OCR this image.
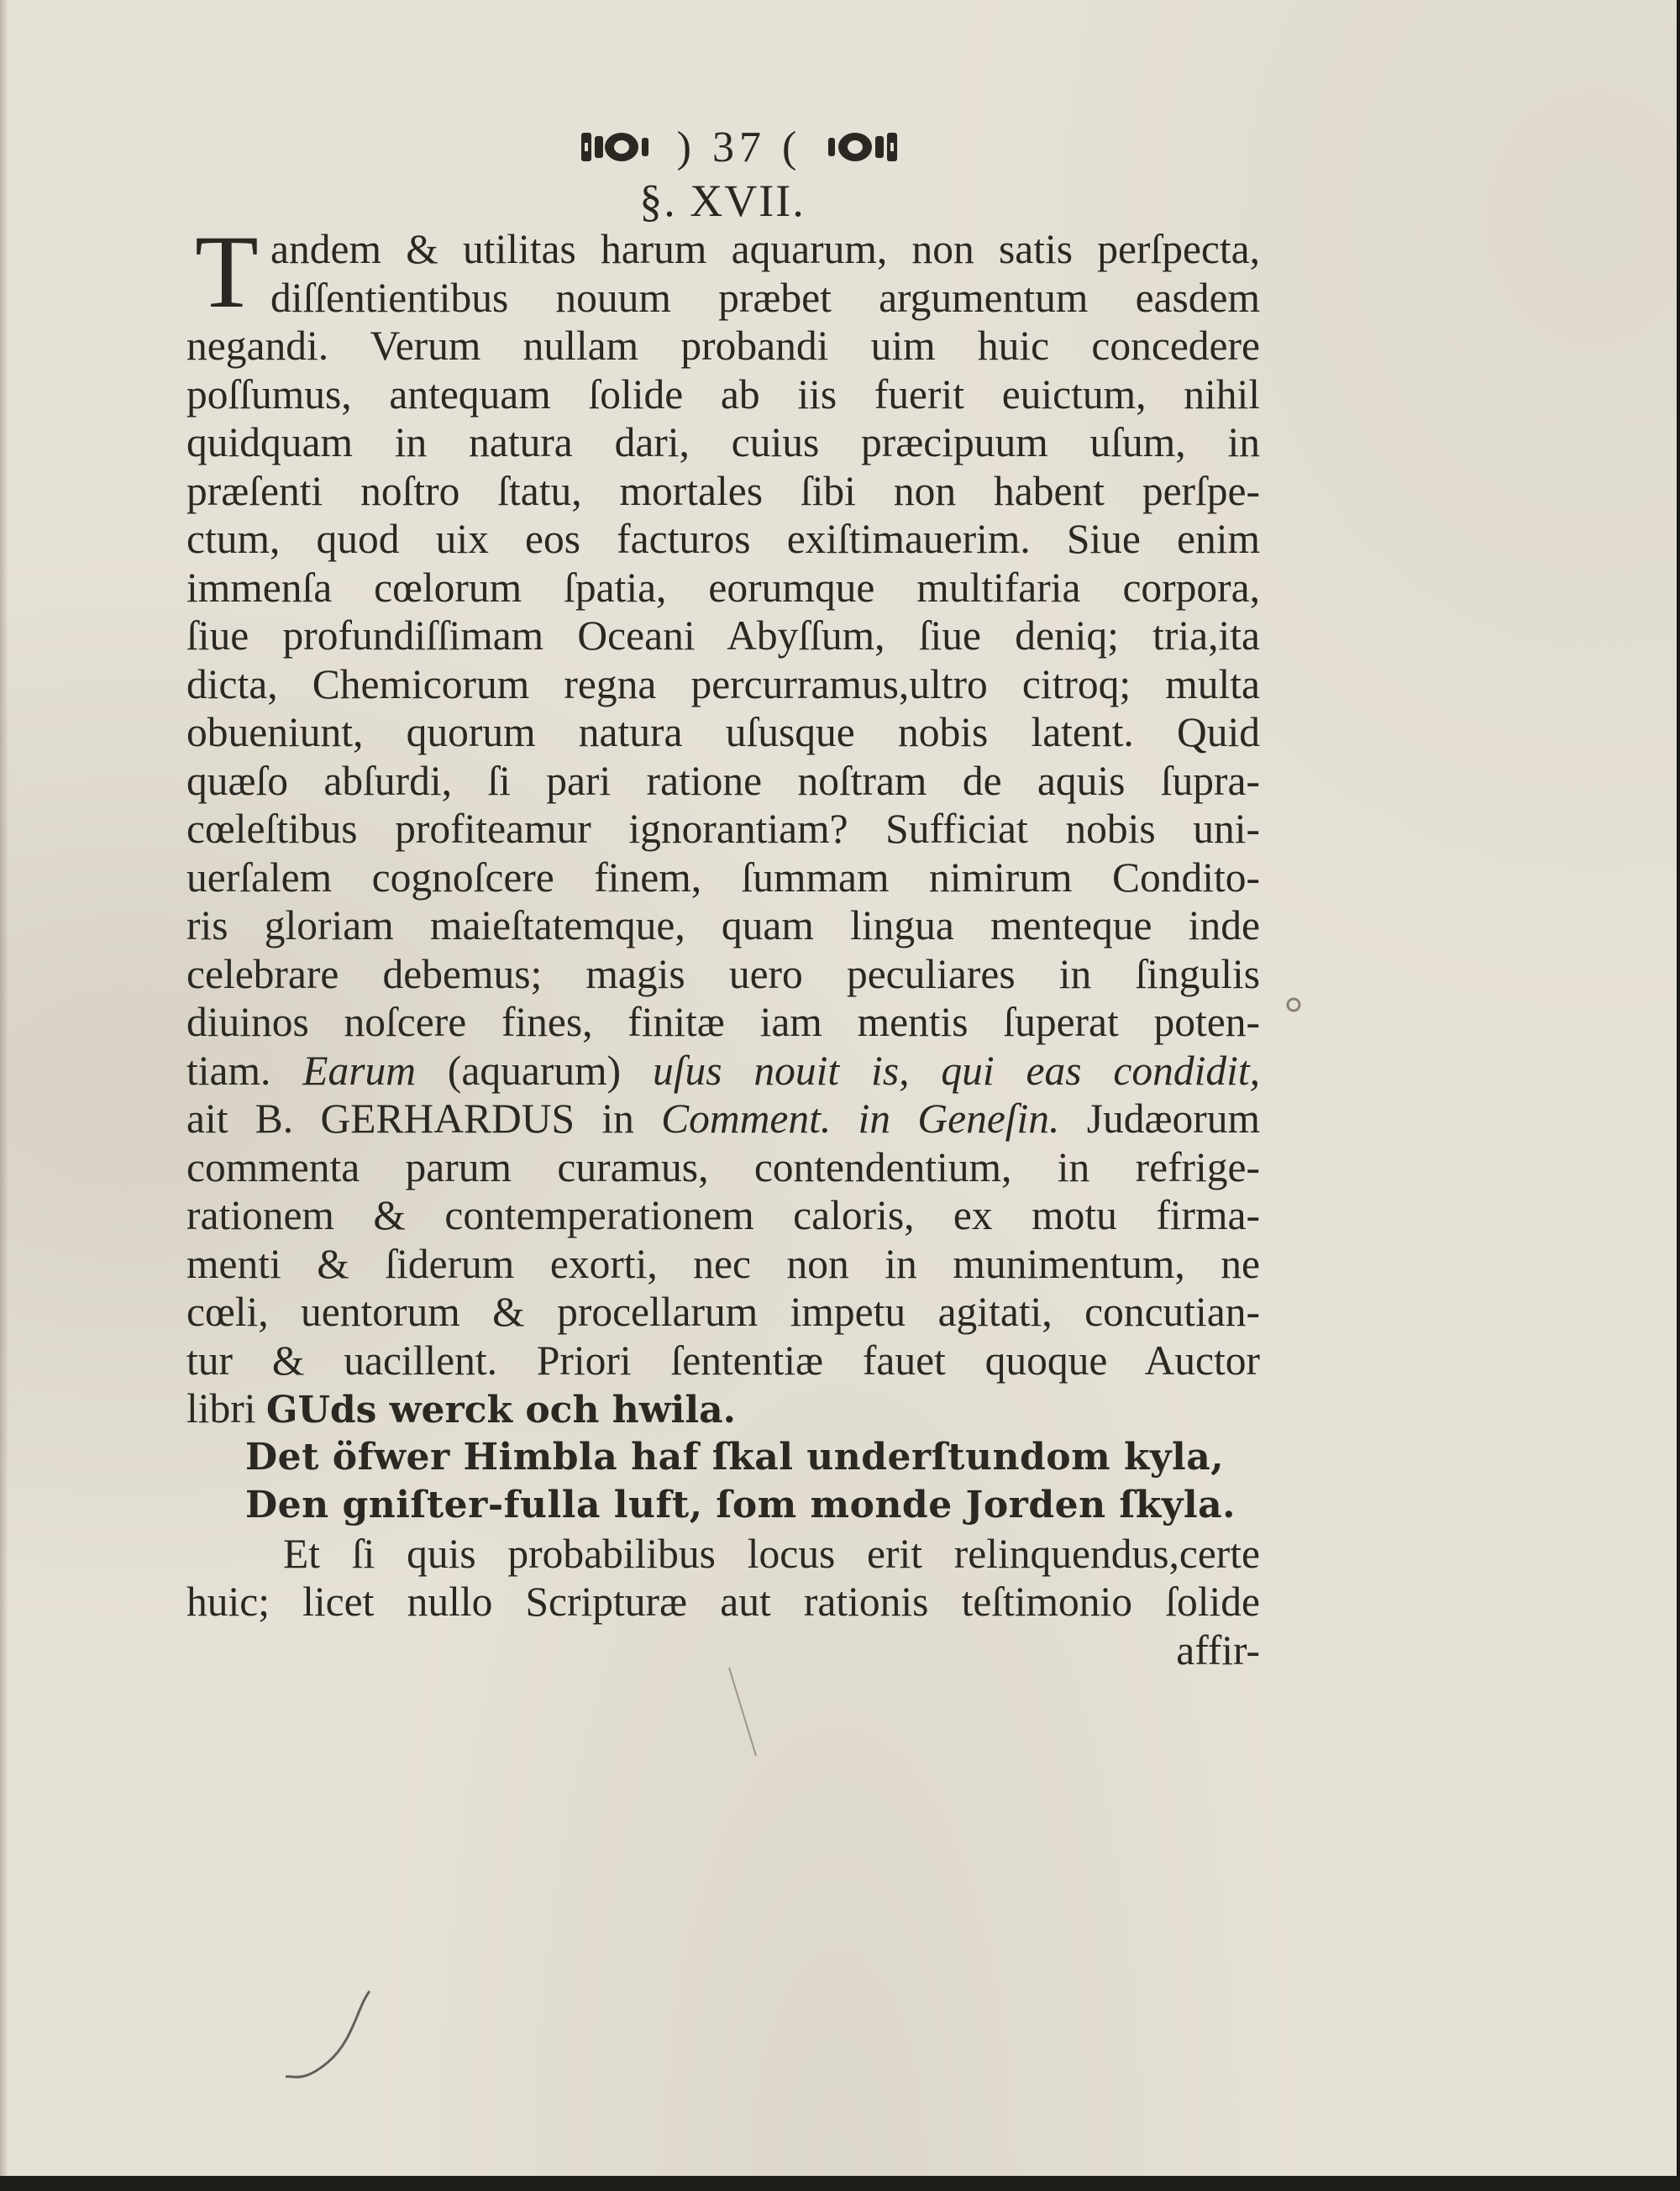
) 37 (
§. XVII.
T andem & utilitas harum aquarum, non satis perſpecta,
diſſentientibus nouum præbet argumentum easdem
negandi. Verum nullam probandi uim huic concedere
poſſumus, antequam ſolide ab iis fuerit euictum, nihil
quidquam in natura dari, cuius præcipuum uſum, in
præſenti noſtro ſtatu, mortales ſibi non habent perſpe-
ctum, quod uix eos facturos exiſtimauerim. Siue enim
immenſa cœlorum ſpatia, eorumque multifaria corpora,
ſiue profundiſſimam Oceani Abyſſum, ſiue deniq; tria,ita
dicta, Chemicorum regna percurramus,ultro citroq; multa
obueniunt, quorum natura uſusque nobis latent. Quid
quæſo abſurdi, ſi pari ratione noſtram de aquis ſupra-
cœleſtibus profiteamur ignorantiam? Sufficiat nobis uni-
uerſalem cognoſcere finem, ſummam nimirum Condito-
ris gloriam maieſtatemque, quam lingua menteque inde
celebrare debemus; magis uero peculiares in ſingulis
diuinos noſcere fines, finitæ iam mentis ſuperat poten-
tiam. Earum (aquarum) uſus nouit is, qui eas condidit,
ait B. GERHARDUS in Comment. in Geneſin. Judæorum
commenta parum curamus, contendentium, in refrige-
rationem & contemperationem caloris, ex motu firma-
menti & ſiderum exorti, nec non in munimentum, ne
cœli, uentorum & procellarum impetu agitati, concutian-
tur & uacillent. Priori ſententiæ fauet quoque Auctor
libri GUds werck och hwila.
Det öfwer Himbla haf ſkal underſtundom kyla,
Den gniſter-fulla luft, ſom monde Jorden ſkyla.
Et ſi quis probabilibus locus erit relinquendus,certe
huic; licet nullo Scripturæ aut rationis teſtimonio ſolide
affir-
